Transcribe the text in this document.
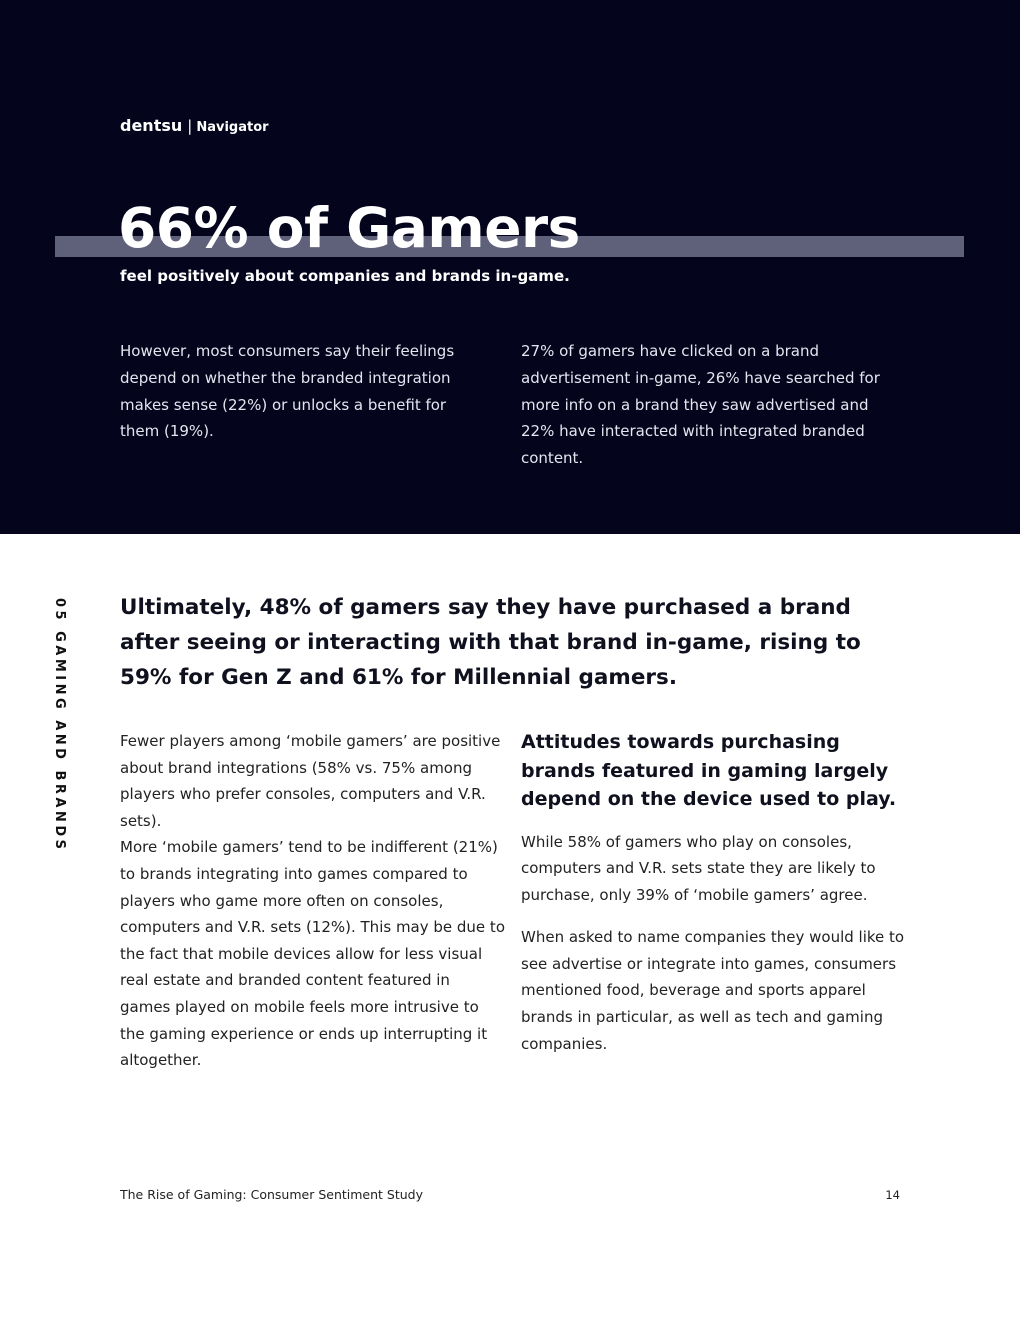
dentsu | Navigator
66% of Gamers
feel positively about companies and brands in-game.
However, most consumers say their feelings depend on whether the branded integration makes sense (22%) or unlocks a benefit for them (19%).
27% of gamers have clicked on a brand advertisement in-game, 26% have searched for more info on a brand they saw advertised and 22% have interacted with integrated branded content.
05 GAMING AND BRANDS Ultimately, 48% of gamers say they have purchased a brand after seeing or interacting with that brand in-game, rising to 59% for Gen Z and 61% for Millennial gamers.

Fewer players among ‘mobile gamers’ are positive about brand integrations (58% vs. 75% among players who prefer consoles, computers and V.R. sets).

More ‘mobile gamers’ tend to be indifferent (21%) to brands integrating into games compared to players who game more often on consoles, computers and V.R. sets (12%). This may be due to the fact that mobile devices allow for less visual real estate and branded content featured in games played on mobile feels more intrusive to the gaming experience or ends up interrupting it altogether.

Attitudes towards purchasing brands featured in gaming largely depend on the device used to play.

While 58% of gamers who play on consoles, computers and V.R. sets state they are likely to purchase, only 39% of ‘mobile gamers’ agree.

When asked to name companies they would like to see advertise or integrate into games, consumers mentioned food, beverage and sports apparel brands in particular, as well as tech and gaming companies.

The Rise of Gaming: Consumer Sentiment Study	14
